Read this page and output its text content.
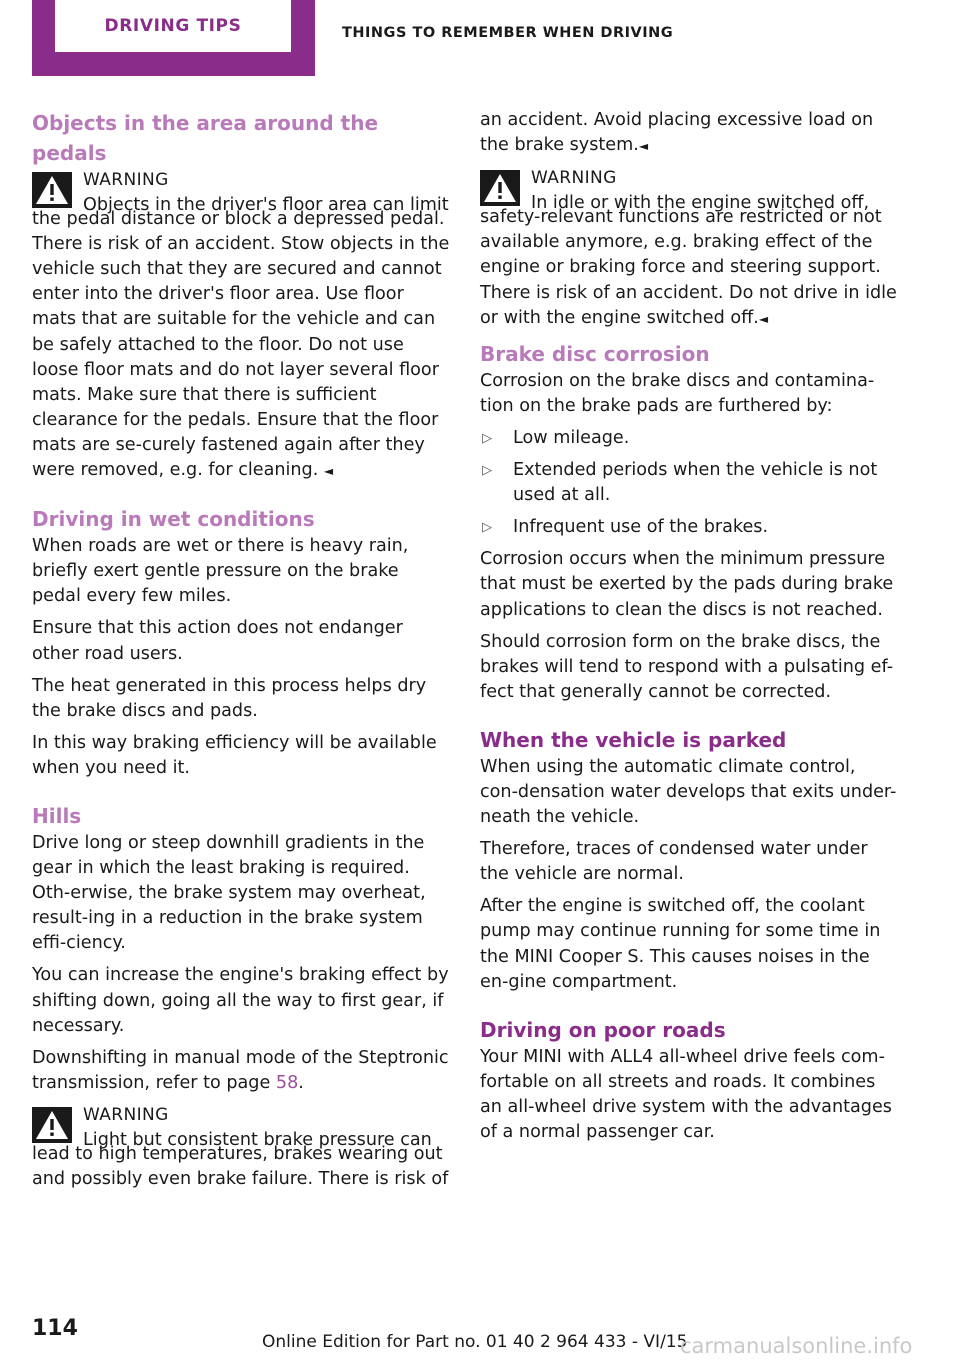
DRIVING TIPS	THINGS TO REMEMBER WHEN DRIVING
Objects in the area around the pedals
WARNING
Objects in the driver's floor area can limit
the pedal distance or block a depressed pedal. There is risk of an accident. Stow objects in the vehicle such that they are secured and cannot enter into the driver's floor area. Use floor mats that are suitable for the vehicle and can be safely attached to the floor. Do not use loose floor mats and do not layer several floor mats. Make sure that there is sufficient clearance for the pedals. Ensure that the floor mats are se-curely fastened again after they were removed, e.g. for cleaning. ◄
Driving in wet conditions

When roads are wet or there is heavy rain, briefly exert gentle pressure on the brake pedal every few miles.

Ensure that this action does not endanger other road users.

The heat generated in this process helps dry the brake discs and pads.

In this way braking efficiency will be available when you need it.

Hills

Drive long or steep downhill gradients in the gear in which the least braking is required. Oth-erwise, the brake system may overheat, result-ing in a reduction in the brake system effi-ciency.

You can increase the engine's braking effect by shifting down, going all the way to first gear, if necessary.

Downshifting in manual mode of the Steptronic transmission, refer to page 58.

WARNING
Light but consistent brake pressure can
lead to high temperatures, brakes wearing out and possibly even brake failure. There is risk of

an accident. Avoid placing excessive load on the brake system.◄

WARNING
In idle or with the engine switched off,
safety-relevant functions are restricted or not available anymore, e.g. braking effect of the engine or braking force and steering support. There is risk of an accident. Do not drive in idle or with the engine switched off.◄
Brake disc corrosion

Corrosion on the brake discs and contamina-tion on the brake pads are furthered by:

▷ Low mileage.
▷ Extended periods when the vehicle is not used at all.
▷ Infrequent use of the brakes.

Corrosion occurs when the minimum pressure that must be exerted by the pads during brake applications to clean the discs is not reached.

Should corrosion form on the brake discs, the brakes will tend to respond with a pulsating ef-fect that generally cannot be corrected.

When the vehicle is parked

When using the automatic climate control, con-densation water develops that exits under-neath the vehicle.

Therefore, traces of condensed water under the vehicle are normal.

After the engine is switched off, the coolant pump may continue running for some time in the MINI Cooper S. This causes noises in the en-gine compartment.

Driving on poor roads

Your MINI with ALL4 all-wheel drive feels com-fortable on all streets and roads. It combines an all-wheel drive system with the advantages of a normal passenger car.

114
Online Edition for Part no. 01 40 2 964 433 - VI/15
carmanualsonline.info
